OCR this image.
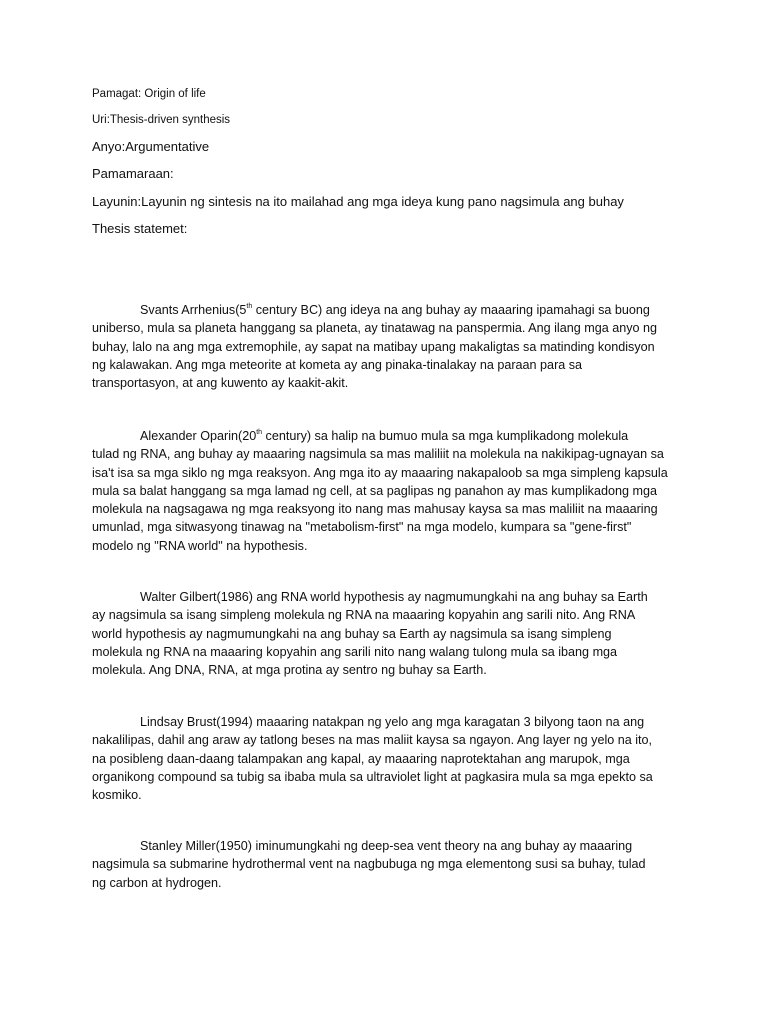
Pamagat: Origin of life

Uri:Thesis-driven synthesis

Anyo:Argumentative

Pamamaraan:

Layunin:Layunin ng sintesis na ito mailahad ang mga ideya kung pano nagsimula ang buhay

Thesis statemet:

Svants Arrhenius(5th century BC) ang ideya na ang buhay ay maaaring ipamahagi sa buong
uniberso, mula sa planeta hanggang sa planeta, ay tinatawag na panspermia. Ang ilang mga anyo ng
buhay, lalo na ang mga extremophile, ay sapat na matibay upang makaligtas sa matinding kondisyon
ng kalawakan. Ang mga meteorite at kometa ay ang pinaka-tinalakay na paraan para sa
transportasyon, at ang kuwento ay kaakit-akit.
Alexander Oparin(20th century) sa halip na bumuo mula sa mga kumplikadong molekula
tulad ng RNA, ang buhay ay maaaring nagsimula sa mas maliliit na molekula na nakikipag-ugnayan sa
isa't isa sa mga siklo ng mga reaksyon. Ang mga ito ay maaaring nakapaloob sa mga simpleng kapsula
mula sa balat hanggang sa mga lamad ng cell, at sa paglipas ng panahon ay mas kumplikadong mga
molekula na nagsagawa ng mga reaksyong ito nang mas mahusay kaysa sa mas maliliit na maaaring
umunlad, mga sitwasyong tinawag na "metabolism-first" na mga modelo, kumpara sa "gene-first"
modelo ng "RNA world" na hypothesis.
Walter Gilbert(1986) ang RNA world hypothesis ay nagmumungkahi na ang buhay sa Earth
ay nagsimula sa isang simpleng molekula ng RNA na maaaring kopyahin ang sarili nito. Ang RNA
world hypothesis ay nagmumungkahi na ang buhay sa Earth ay nagsimula sa isang simpleng
molekula ng RNA na maaaring kopyahin ang sarili nito nang walang tulong mula sa ibang mga
molekula. Ang DNA, RNA, at mga protina ay sentro ng buhay sa Earth.
Lindsay Brust(1994) maaaring natakpan ng yelo ang mga karagatan 3 bilyong taon na ang
nakalilipas, dahil ang araw ay tatlong beses na mas maliit kaysa sa ngayon. Ang layer ng yelo na ito,
na posibleng daan-daang talampakan ang kapal, ay maaaring naprotektahan ang marupok, mga
organikong compound sa tubig sa ibaba mula sa ultraviolet light at pagkasira mula sa mga epekto sa
kosmiko.
Stanley Miller(1950) iminumungkahi ng deep-sea vent theory na ang buhay ay maaaring
nagsimula sa submarine hydrothermal vent na nagbubuga ng mga elementong susi sa buhay, tulad
ng carbon at hydrogen.
